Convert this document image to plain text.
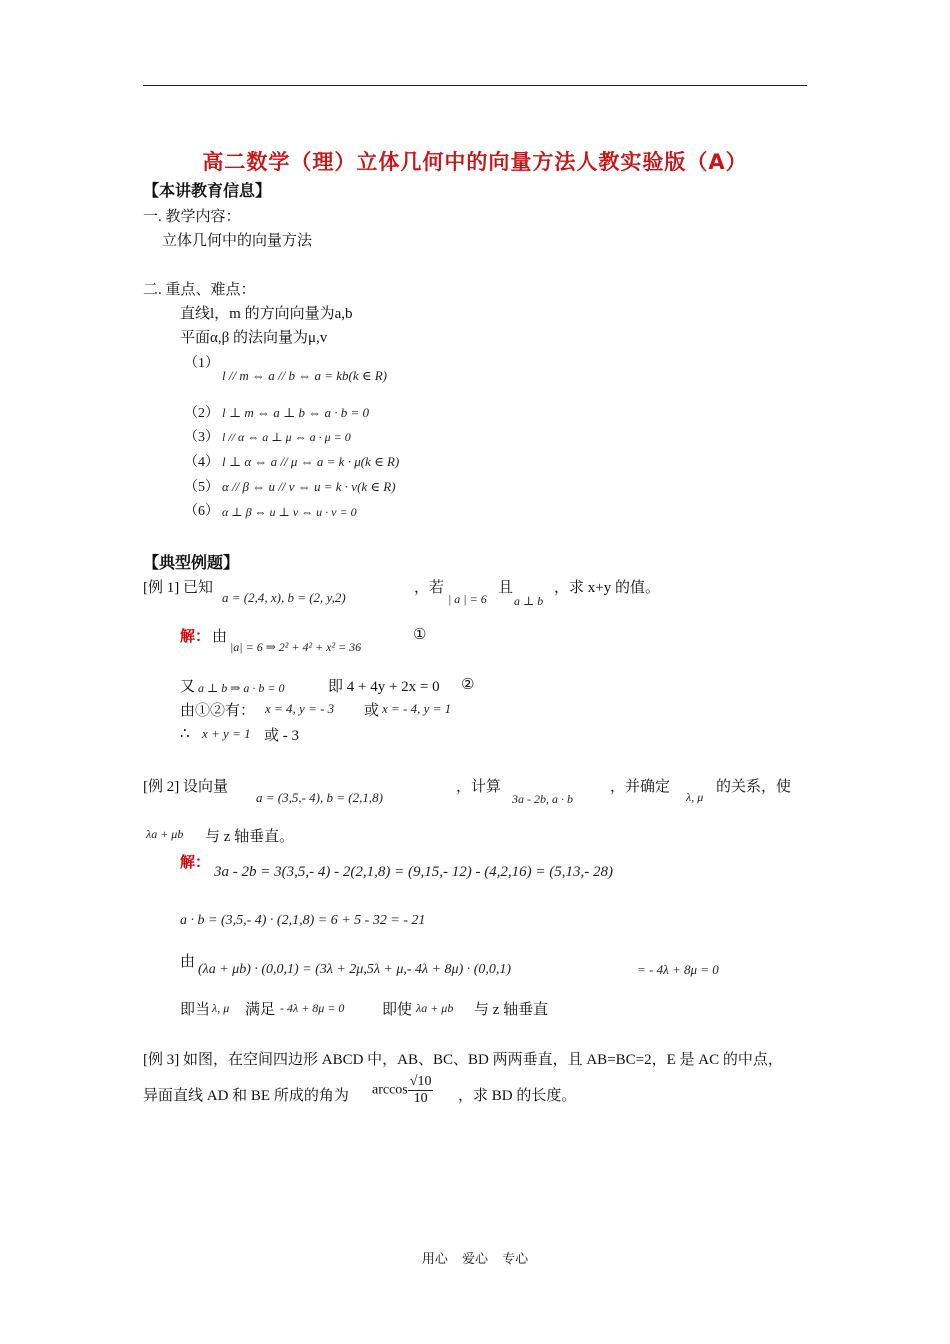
高二数学（理）立体几何中的向量方法人教实验版（A）
【本讲教育信息】
一. 教学内容：
立体几何中的向量方法
二. 重点、难点：
直线l，m 的方向向量为a,b
平面α,β 的法向量为μ,v
（1）
l // m ⇔ a // b ⇔ a = kb(k ∈ R)
（2） l ⊥ m ⇔ a ⊥ b ⇔ a · b = 0
（3） l // α ⇔ a ⊥ μ ⇔ a · μ = 0
（4） l ⊥ α ⇔ a // μ ⇔ a = k · μ(k ∈ R)
（5） α // β ⇔ u // v ⇔ u = k · v(k ∈ R)
（6） α ⊥ β ⇔ u ⊥ v ⇔ u · v = 0
【典型例题】
[例 1] 已知
a = (2,4, x), b = (2, y,2)
，若
| a | = 6
且
a ⊥ b
，求 x+y 的值。
解： 由
|a| = 6 ⇒ 2² + 4² + x² = 36
①
又 a ⊥ b ⇒ a · b = 0	即 4 + 4y + 2x = 0 ②
由①②有： x = 4, y = - 3 或 x = - 4, y = 1
∴ x + y = 1 或 - 3
[例 2] 设向量
a = (3,5,- 4), b = (2,1,8)
，计算
3a - 2b, a · b
，并确定
λ, μ
的关系，使
λa + μb 与 z 轴垂直。
解：
3a - 2b = 3(3,5,- 4) - 2(2,1,8) = (9,15,- 12) - (4,2,16) = (5,13,- 28)
a · b = (3,5,- 4) · (2,1,8) = 6 + 5 - 32 = - 21
由 (λa + μb) · (0,0,1) = (3λ + 2μ,5λ + μ,- 4λ + 8μ) · (0,0,1)	= - 4λ + 8μ = 0
即当 λ, μ 满足 - 4λ + 8μ = 0	即使 λa + μb 与 z 轴垂直
[例 3] 如图，在空间四边形 ABCD 中，AB、BC、BD 两两垂直，且 AB=BC=2，E 是 AC 的中点，
异面直线 AD 和 BE 所成的角为 $\arccos \frac{√10}{10}$ ，求 BD 的长度。
用心 爱心 专心
